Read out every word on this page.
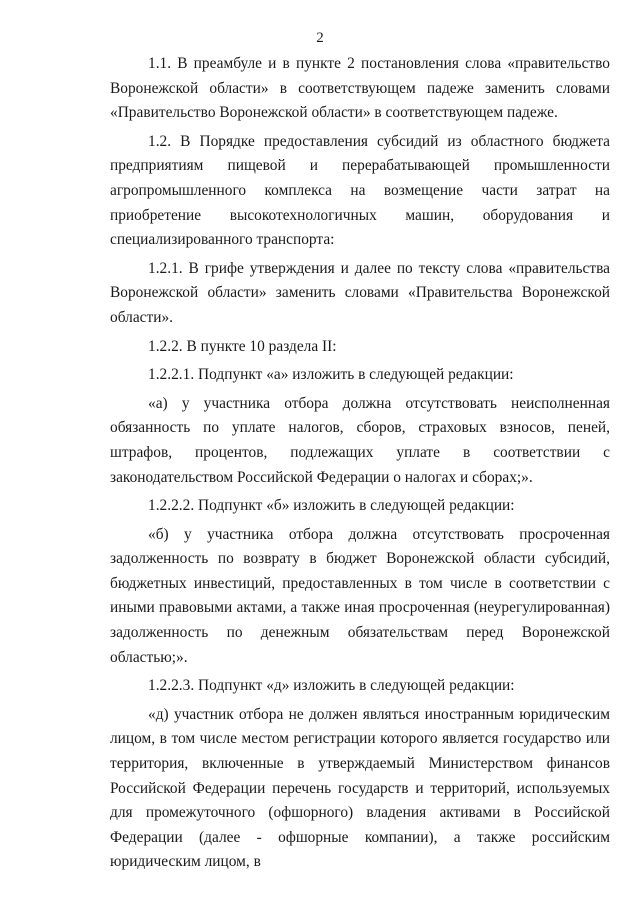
2

1.1. В преамбуле и в пункте 2 постановления слова «правительство Воронежской области» в соответствующем падеже заменить словами «Правительство Воронежской области» в соответствующем падеже.

1.2. В Порядке предоставления субсидий из областного бюджета предприятиям пищевой и перерабатывающей промышленности агропромышленного комплекса на возмещение части затрат на приобретение высокотехнологичных машин, оборудования и специализированного транспорта:

1.2.1. В грифе утверждения и далее по тексту слова «правительства Воронежской области» заменить словами «Правительства Воронежской области».

1.2.2. В пункте 10 раздела II:

1.2.2.1. Подпункт «а» изложить в следующей редакции:

«а) у участника отбора должна отсутствовать неисполненная обязанность по уплате налогов, сборов, страховых взносов, пеней, штрафов, процентов, подлежащих уплате в соответствии с законодательством Российской Федерации о налогах и сборах;».

1.2.2.2. Подпункт «б» изложить в следующей редакции:

«б) у участника отбора должна отсутствовать просроченная задолженность по возврату в бюджет Воронежской области субсидий, бюджетных инвестиций, предоставленных в том числе в соответствии с иными правовыми актами, а также иная просроченная (неурегулированная) задолженность по денежным обязательствам перед Воронежской областью;».

1.2.2.3. Подпункт «д» изложить в следующей редакции:

«д) участник отбора не должен являться иностранным юридическим лицом, в том числе местом регистрации которого является государство или территория, включенные в утверждаемый Министерством финансов Российской Федерации перечень государств и территорий, используемых для промежуточного (офшорного) владения активами в Российской Федерации (далее - офшорные компании), а также российским юридическим лицом, в
